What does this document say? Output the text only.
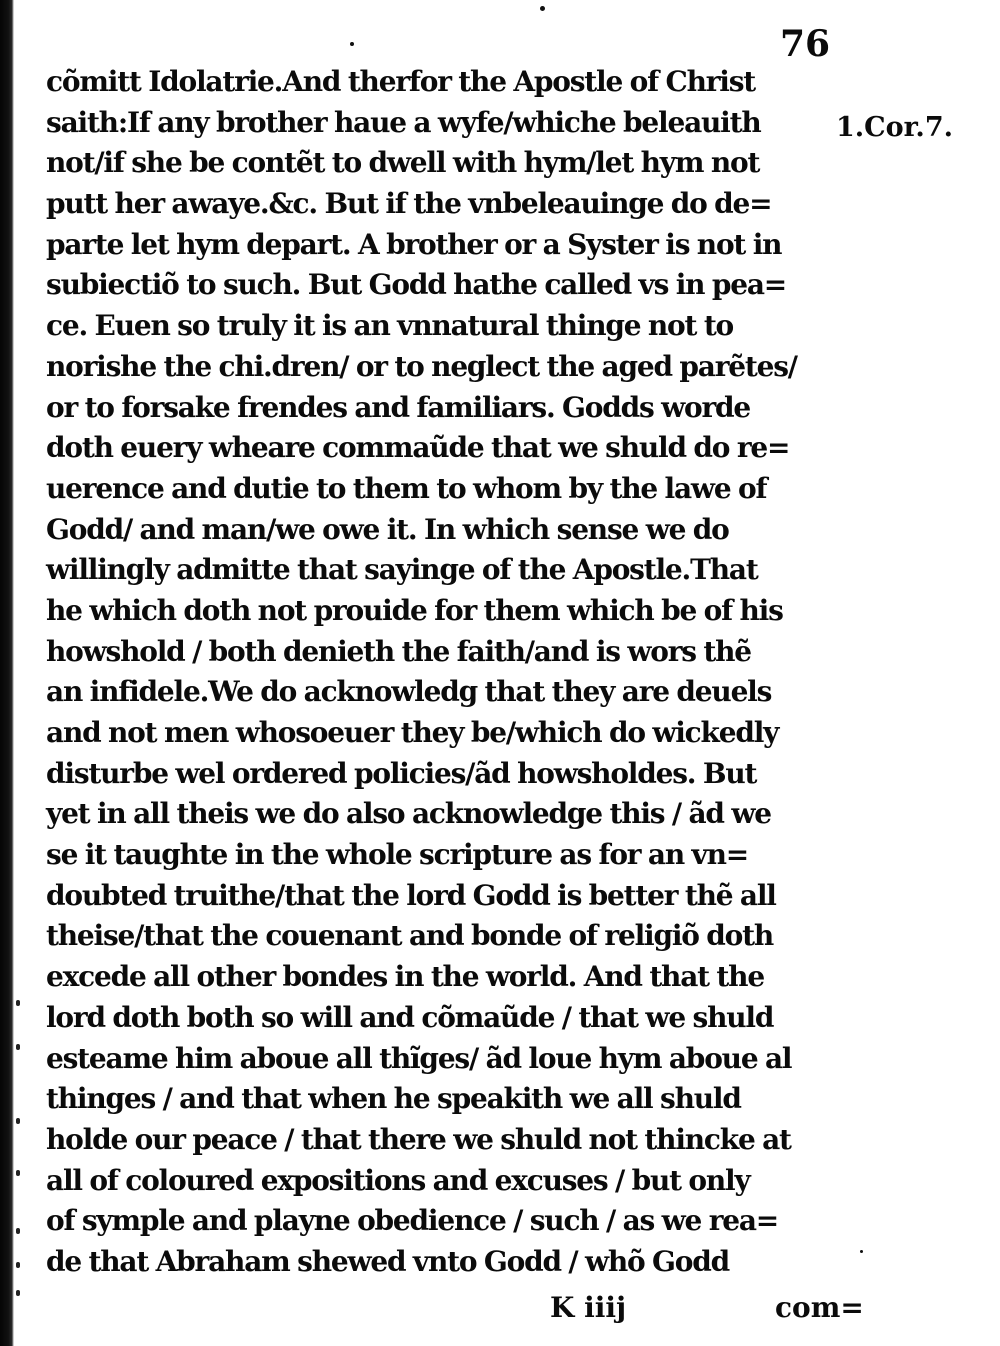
76

cõmitt Idolatrie.And therfor the Apostle of Christ
saith:If any brother haue a wyfe/whiche beleauith
not/if she be contẽt to dwell with hym/let hym not
putt her awaye.&c. But if the vnbeleauinge do de=
parte let hym depart. A brother or a Syster is not in
subiectiõ to such. But Godd hathe called vs in pea=
ce. Euen so truly it is an vnnatural thinge not to
norishe the chi.dren/ or to neglect the aged parẽtes/
or to forsake frendes and familiars. Godds worde
doth euery wheare commaũde that we shuld do re=
uerence and dutie to them to whom by the lawe of
Godd/ and man/we owe it. In which sense we do
willingly admitte that sayinge of the Apostle.That
he which doth not prouide for them which be of his
howshold / both denieth the faith/and is wors thẽ
an infidele.We do acknowledg that they are deuels
and not men whosoeuer they be/which do wickedly
disturbe wel ordered policies/ãd howsholdes. But
yet in all theis we do also acknowledge this / ãd we
se it taughte in the whole scripture as for an vn=
doubted truithe/that the lord Godd is better thẽ all
theise/that the couenant and bonde of religiõ doth
excede all other bondes in the world. And that the
lord doth both so will and cõmaũde / that we shuld
esteame him aboue all thĩges/ ãd loue hym aboue al
thinges / and that when he speakith we all shuld
holde our peace / that there we shuld not thincke at
all of coloured expositions and excuses / but only
of symple and playne obedience / such / as we rea=
de that Abraham shewed vnto Godd / whõ Godd

1.Cor.7.

K iiij	com=
